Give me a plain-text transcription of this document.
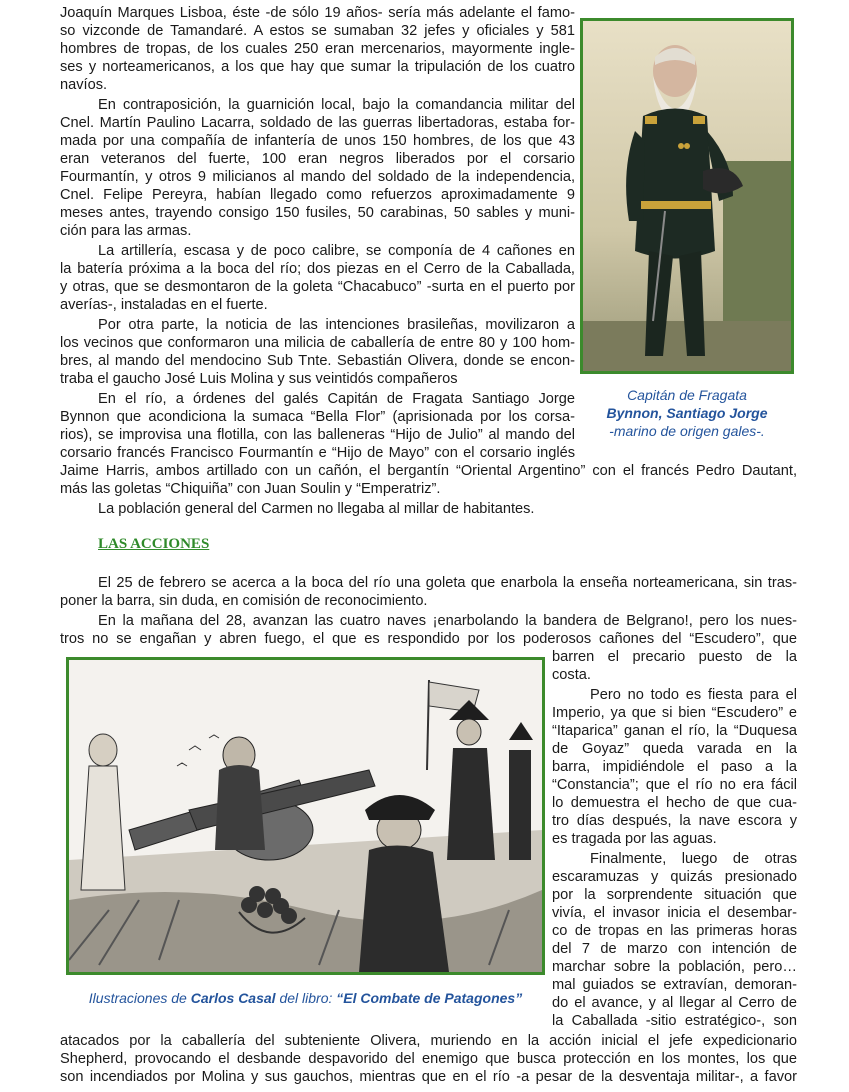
Joaquín Marques Lisboa, éste -de sólo 19 años- sería más adelante el famo-
so vizconde de Tamandaré. A estos se sumaban 32 jefes y oficiales y 581
hombres de tropas, de los cuales 250 eran mercenarios, mayormente ingle-
ses y norteamericanos, a los que hay que sumar la tripulación de los cuatro
navíos.
En contraposición, la guarnición local, bajo la comandancia militar del
Cnel. Martín Paulino Lacarra, soldado de las guerras libertadoras, estaba for-
mada por una compañía de infantería de unos 150 hombres, de los que 43
eran veteranos del fuerte, 100 eran negros liberados por el corsario
Fourmantín, y otros 9 milicianos al mando del soldado de la independencia,
Cnel. Felipe Pereyra, habían llegado como refuerzos aproximadamente 9
meses antes, trayendo consigo 150 fusiles, 50 carabinas, 50 sables y muni-
ción para las armas.
La artillería, escasa y de poco calibre, se componía de 4 cañones en
la batería próxima a la boca del río; dos piezas en el Cerro de la Caballada,
y otras, que se desmontaron de la goleta “Chacabuco” -surta en el puerto por
averías-, instaladas en el fuerte.
Por otra parte, la noticia de las intenciones brasileñas, movilizaron a
los vecinos que conformaron una milicia de caballería de entre 80 y 100 hom-
bres, al mando del mendocino Sub Tnte. Sebastián Olivera, donde se encon-
traba el gaucho José Luis Molina y sus veintidós compañeros
En el río, a órdenes del galés Capitán de Fragata Santiago Jorge
Bynnon que acondiciona la sumaca “Bella Flor” (aprisionada por los corsa-
rios), se improvisa una flotilla, con las balleneras “Hijo de Julio” al mando del
corsario francés Francisco Fourmantín e “Hijo de Mayo” con el corsario inglés
Capitán de Fragata
Bynnon, Santiago Jorge
-marino de origen gales-.
Jaime Harris, ambos artillado con un cañón, el bergantín “Oriental Argentino” con el francés Pedro Dautant,
más las goletas “Chiquiña” con Juan Soulin y “Emperatriz”.
La población general del Carmen no llegaba al millar de habitantes.
LAS ACCIONES
El 25 de febrero se acerca a la boca del río una goleta que enarbola la enseña norteamericana, sin tras-
poner la barra, sin duda, en comisión de reconocimiento.
En la mañana del 28, avanzan las cuatro naves ¡enarbolando la bandera de Belgrano!, pero los nues-
tros no se engañan y abren fuego, el que es respondido por los poderosos cañones del “Escudero”, que
Ilustraciones de Carlos Casal del libro: “El Combate de Patagones”
barren el precario puesto de la
costa.
Pero no todo es fiesta para el
Imperio, ya que si bien “Escudero” e
“Itaparica” ganan el río, la “Duquesa
de Goyaz” queda varada en la
barra, impidiéndole el paso a la
“Constancia”; que el río no era fácil
lo demuestra el hecho de que cua-
tro días después, la nave escora y
es tragada por las aguas.
Finalmente, luego de otras
escaramuzas y quizás presionado
por la sorprendente situación que
vivía, el invasor inicia el desembar-
co de tropas en las primeras horas
del 7 de marzo con intención de
marchar sobre la población, pero…
mal guiados se extravían, demoran-
do el avance, y al llegar al Cerro de
la Caballada -sitio estratégico-, son
atacados por la caballería del subteniente Olivera, muriendo en la acción inicial el jefe expedicionario
Shepherd, provocando el desbande despavorido del enemigo que busca protección en los montes, los que
son incendiados por Molina y sus gauchos, mientras que en el río -a pesar de la desventaja militar-, a favor
